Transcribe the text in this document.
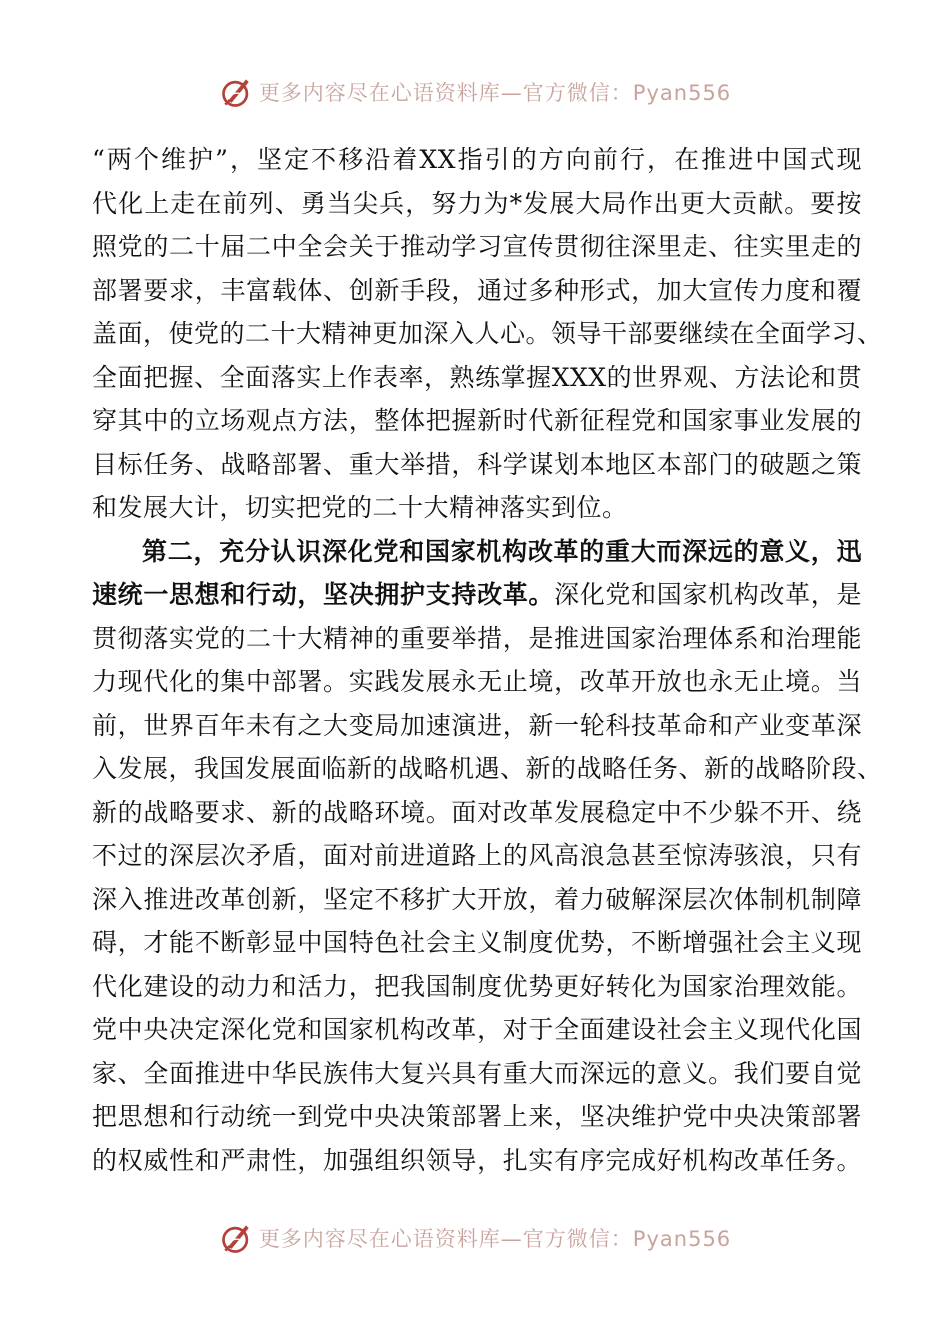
更多内容尽在心语资料库—官方微信：Pyan556
“两个维护”，坚定不移沿着XX指引的方向前行，在推进中国式现
代化上走在前列、勇当尖兵，努力为*发展大局作出更大贡献。要按
照党的二十届二中全会关于推动学习宣传贯彻往深里走、往实里走的
部署要求，丰富载体、创新手段，通过多种形式，加大宣传力度和覆
盖面，使党的二十大精神更加深入人心。领导干部要继续在全面学习、
全面把握、全面落实上作表率，熟练掌握XXX的世界观、方法论和贯
穿其中的立场观点方法，整体把握新时代新征程党和国家事业发展的
目标任务、战略部署、重大举措，科学谋划本地区本部门的破题之策
和发展大计，切实把党的二十大精神落实到位。
第二，充分认识深化党和国家机构改革的重大而深远的意义，迅
速统一思想和行动，坚决拥护支持改革。深化党和国家机构改革，是
贯彻落实党的二十大精神的重要举措，是推进国家治理体系和治理能
力现代化的集中部署。实践发展永无止境，改革开放也永无止境。当
前，世界百年未有之大变局加速演进，新一轮科技革命和产业变革深
入发展，我国发展面临新的战略机遇、新的战略任务、新的战略阶段、
新的战略要求、新的战略环境。面对改革发展稳定中不少躲不开、绕
不过的深层次矛盾，面对前进道路上的风高浪急甚至惊涛骇浪，只有
深入推进改革创新，坚定不移扩大开放，着力破解深层次体制机制障
碍，才能不断彰显中国特色社会主义制度优势，不断增强社会主义现
代化建设的动力和活力，把我国制度优势更好转化为国家治理效能。
党中央决定深化党和国家机构改革，对于全面建设社会主义现代化国
家、全面推进中华民族伟大复兴具有重大而深远的意义。我们要自觉
把思想和行动统一到党中央决策部署上来，坚决维护党中央决策部署
的权威性和严肃性，加强组织领导，扎实有序完成好机构改革任务。
更多内容尽在心语资料库—官方微信：Pyan556
